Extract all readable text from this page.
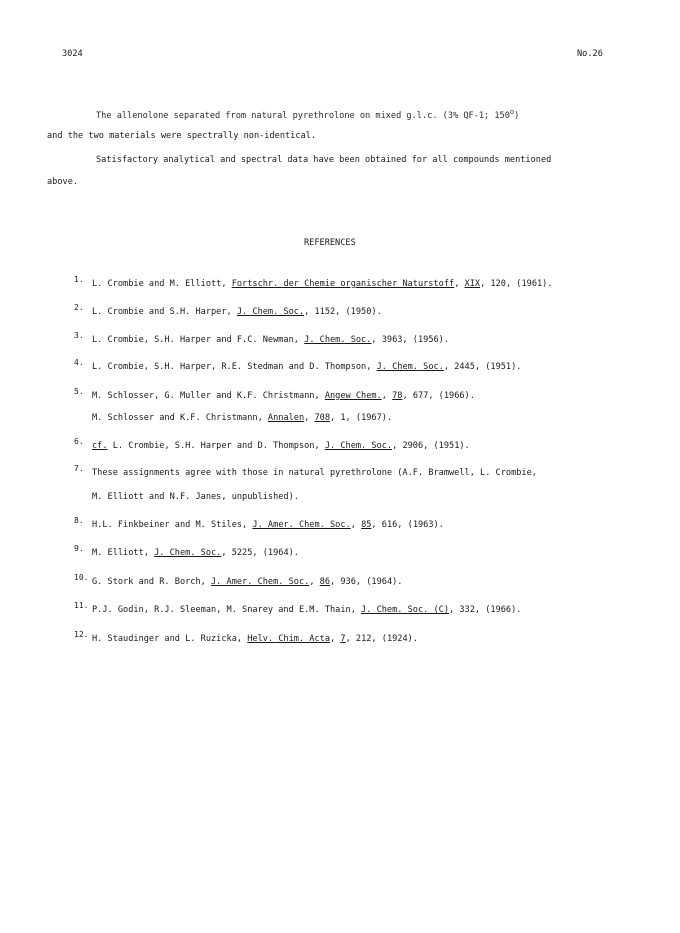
3024	No.26
The allenolone separated from natural pyrethrolone on mixed g.l.c. (3% QF-1; 150$^o$)
and the two materials were spectrally non-identical.
Satisfactory analytical and spectral data have been obtained for all compounds mentioned
above.
REFERENCES
1. L. Crombie and M. Elliott, Fortschr. der Chemie organischer Naturstoff, XIX, 120, (1961).
2. L. Crombie and S.H. Harper, J. Chem. Soc., 1152, (1950).
3. L. Crombie, S.H. Harper and F.C. Newman, J. Chem. Soc., 3963, (1956).
4. L. Crombie, S.H. Harper, R.E. Stedman and D. Thompson, J. Chem. Soc., 2445, (1951).
5. M. Schlosser, G. Muller and K.F. Christmann, Angew Chem., 78, 677, (1966).
M. Schlosser and K.F. Christmann, Annalen, 708, 1, (1967).
6. cf. L. Crombie, S.H. Harper and D. Thompson, J. Chem. Soc., 2906, (1951).
7. These assignments agree with those in natural pyrethrolone (A.F. Bramwell, L. Crombie,
M. Elliott and N.F. Janes, unpublished).
8. H.L. Finkbeiner and M. Stiles, J. Amer. Chem. Soc., 85, 616, (1963).
9. M. Elliott, J. Chem. Soc., 5225, (1964).
10. G. Stork and R. Borch, J. Amer. Chem. Soc., 86, 936, (1964).
11. P.J. Godin, R.J. Sleeman, M. Snarey and E.M. Thain, J. Chem. Soc. (C), 332, (1966).
12. H. Staudinger and L. Ruzicka, Helv. Chim. Acta, 7, 212, (1924).
